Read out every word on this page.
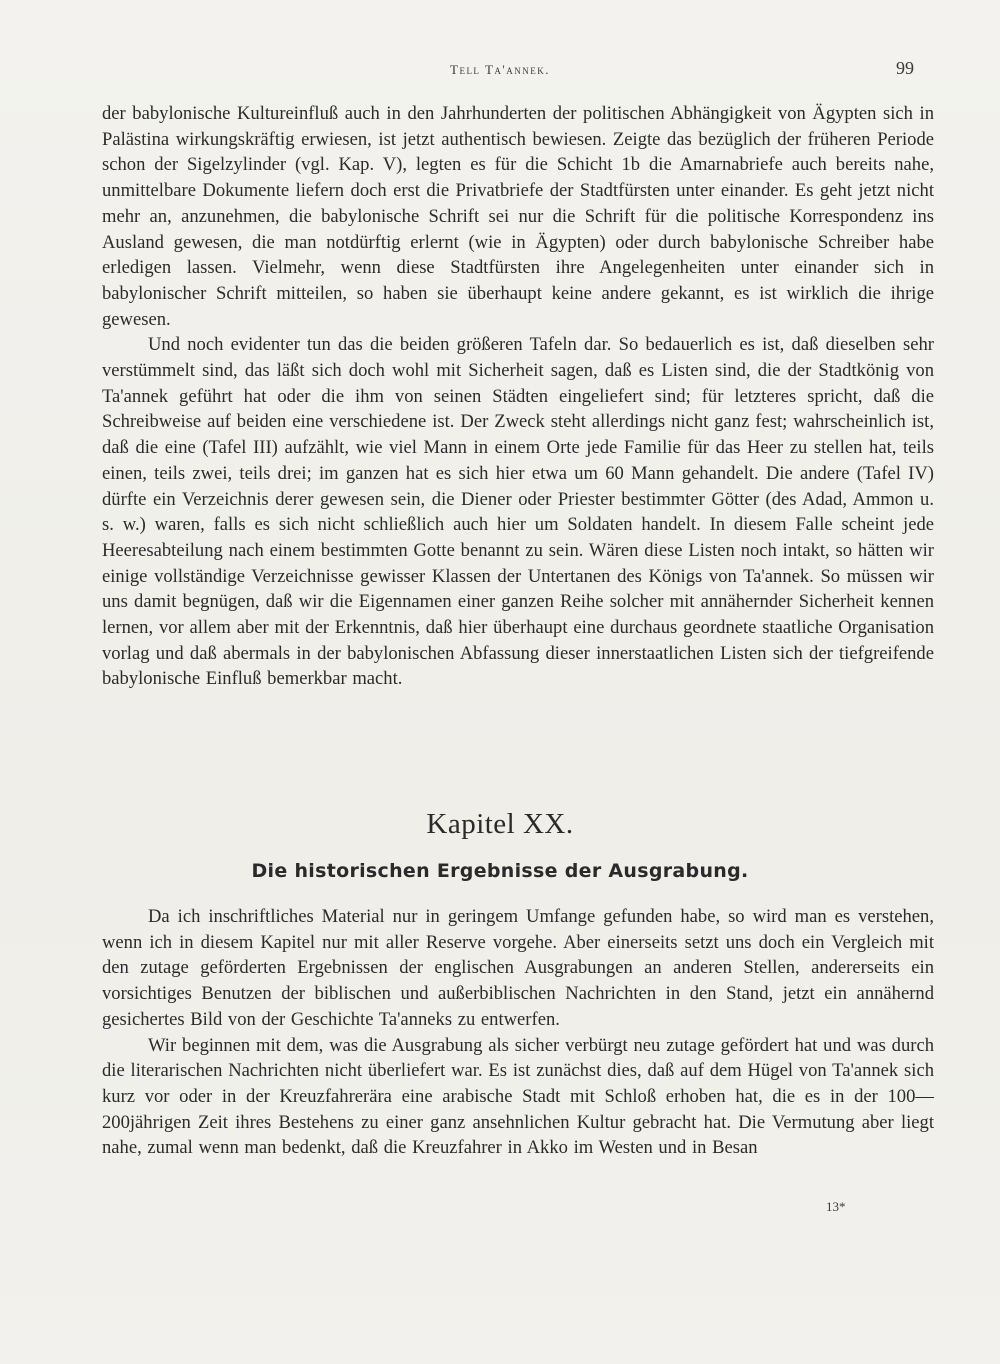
Tell Ta'annek.	99

der babylonische Kultureinfluß auch in den Jahrhunderten der politischen Abhängigkeit von Ägypten sich in Palästina wirkungskräftig erwiesen, ist jetzt authentisch bewiesen. Zeigte das bezüglich der früheren Periode schon der Sigelzylinder (vgl. Kap. V), legten es für die Schicht 1b die Amarnabriefe auch bereits nahe, unmittelbare Dokumente liefern doch erst die Privatbriefe der Stadtfürsten unter einander. Es geht jetzt nicht mehr an, anzunehmen, die babylonische Schrift sei nur die Schrift für die politische Korrespondenz ins Ausland gewesen, die man notdürftig erlernt (wie in Ägypten) oder durch babylonische Schreiber habe erledigen lassen. Vielmehr, wenn diese Stadtfürsten ihre Angelegenheiten unter einander sich in babylonischer Schrift mitteilen, so haben sie überhaupt keine andere gekannt, es ist wirklich die ihrige gewesen.

Und noch evidenter tun das die beiden größeren Tafeln dar. So bedauerlich es ist, daß dieselben sehr verstümmelt sind, das läßt sich doch wohl mit Sicherheit sagen, daß es Listen sind, die der Stadtkönig von Ta'annek geführt hat oder die ihm von seinen Städten eingeliefert sind; für letzteres spricht, daß die Schreibweise auf beiden eine verschiedene ist. Der Zweck steht allerdings nicht ganz fest; wahrscheinlich ist, daß die eine (Tafel III) aufzählt, wie viel Mann in einem Orte jede Familie für das Heer zu stellen hat, teils einen, teils zwei, teils drei; im ganzen hat es sich hier etwa um 60 Mann gehandelt. Die andere (Tafel IV) dürfte ein Verzeichnis derer gewesen sein, die Diener oder Priester bestimmter Götter (des Adad, Ammon u. s. w.) waren, falls es sich nicht schließlich auch hier um Soldaten handelt. In diesem Falle scheint jede Heeresabteilung nach einem bestimmten Gotte benannt zu sein. Wären diese Listen noch intakt, so hätten wir einige vollständige Verzeichnisse gewisser Klassen der Untertanen des Königs von Ta'annek. So müssen wir uns damit begnügen, daß wir die Eigennamen einer ganzen Reihe solcher mit annähernder Sicherheit kennen lernen, vor allem aber mit der Erkenntnis, daß hier überhaupt eine durchaus geordnete staatliche Organisation vorlag und daß abermals in der babylonischen Abfassung dieser innerstaatlichen Listen sich der tiefgreifende babylonische Einfluß bemerkbar macht.

Kapitel XX.
Die historischen Ergebnisse der Ausgrabung.

Da ich inschriftliches Material nur in geringem Umfange gefunden habe, so wird man es verstehen, wenn ich in diesem Kapitel nur mit aller Reserve vorgehe. Aber einerseits setzt uns doch ein Vergleich mit den zutage geförderten Ergebnissen der englischen Ausgrabungen an anderen Stellen, andererseits ein vorsichtiges Benutzen der biblischen und außerbiblischen Nachrichten in den Stand, jetzt ein annähernd gesichertes Bild von der Geschichte Ta'anneks zu entwerfen.

Wir beginnen mit dem, was die Ausgrabung als sicher verbürgt neu zutage gefördert hat und was durch die literarischen Nachrichten nicht überliefert war. Es ist zunächst dies, daß auf dem Hügel von Ta'annek sich kurz vor oder in der Kreuzfahrerära eine arabische Stadt mit Schloß erhoben hat, die es in der 100—200jährigen Zeit ihres Bestehens zu einer ganz ansehnlichen Kultur gebracht hat. Die Vermutung aber liegt nahe, zumal wenn man bedenkt, daß die Kreuzfahrer in Akko im Westen und in Besan

13*
